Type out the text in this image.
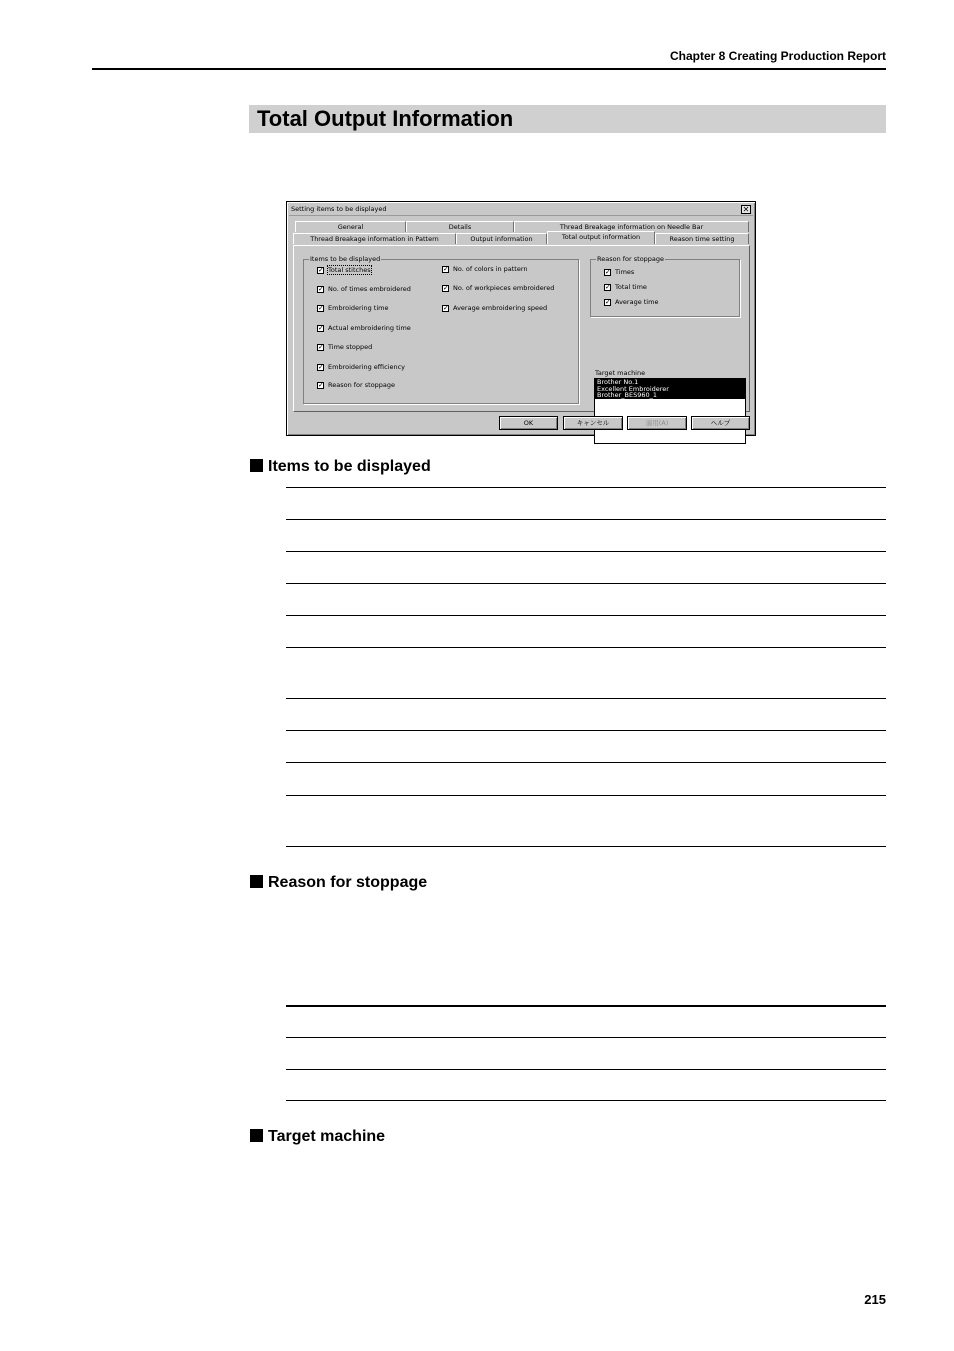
Chapter 8 Creating Production Report
Total Output Information
Setting items to be displayed	✕
General	Details	Thread Breakage information on Needle Bar
Thread Breakage information in Pattern	Output information	Total output information	Reason time setting
Items to be displayed
✓ Total stitches
✓ No. of times embroidered
✓ Embroidering time
✓ Actual embroidering time
✓ Time stopped
✓ Embroidering efficiency
✓ Reason for stoppage
✓ No. of colors in pattern
✓ No. of workpieces embroidered
✓ Average embroidering speed
Reason for stoppage
✓ Times
✓ Total time
✓ Average time
Target machine
Brother No.1
Excellent Embroiderer
Brother_BES960_1
OK	キャンセル	適用(A)	ヘルプ
Items to be displayed
Reason for stoppage
Target machine
215
